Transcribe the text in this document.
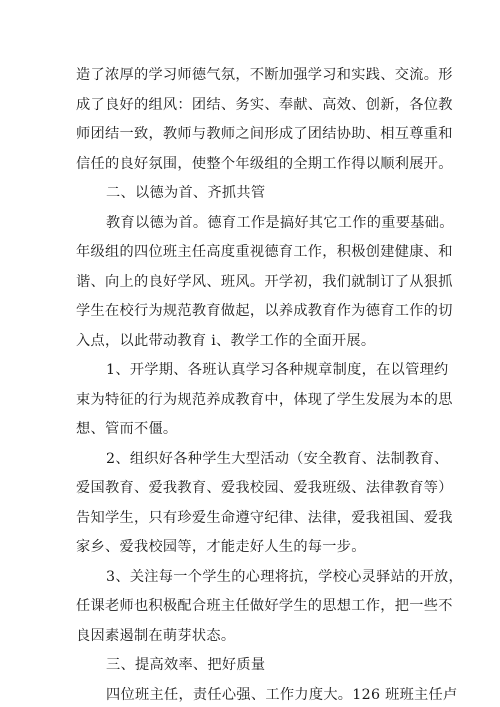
造了浓厚的学习师德气氛，不断加强学习和实践、交流。形
成了良好的组风：团结、务实、奉献、高效、创新，各位教
师团结一致，教师与教师之间形成了团结协助、相互尊重和
信任的良好氛围，使整个年级组的全期工作得以顺利展开。
二、以德为首、齐抓共管
教育以德为首。德育工作是搞好其它工作的重要基础。
年级组的四位班主任高度重视德育工作，积极创建健康、和
谐、向上的良好学风、班风。开学初，我们就制订了从狠抓
学生在校行为规范教育做起，以养成教育作为德育工作的切
入点，以此带动教育 i、教学工作的全面开展。
1、开学期、各班认真学习各种规章制度，在以管理约
束为特征的行为规范养成教育中，体现了学生发展为本的思
想、管而不僵。
2、组织好各种学生大型活动（安全教育、法制教育、
爱国教育、爱我教育、爱我校园、爱我班级、法律教育等）
告知学生，只有珍爱生命遵守纪律、法律，爱我祖国、爱我
家乡、爱我校园等，才能走好人生的每一步。
3、关注每一个学生的心理将抗，学校心灵驿站的开放，
任课老师也积极配合班主任做好学生的思想工作，把一些不
良因素遏制在萌芽状态。
三、提高效率、把好质量
四位班主任，责任心强、工作力度大。126 班班主任卢
